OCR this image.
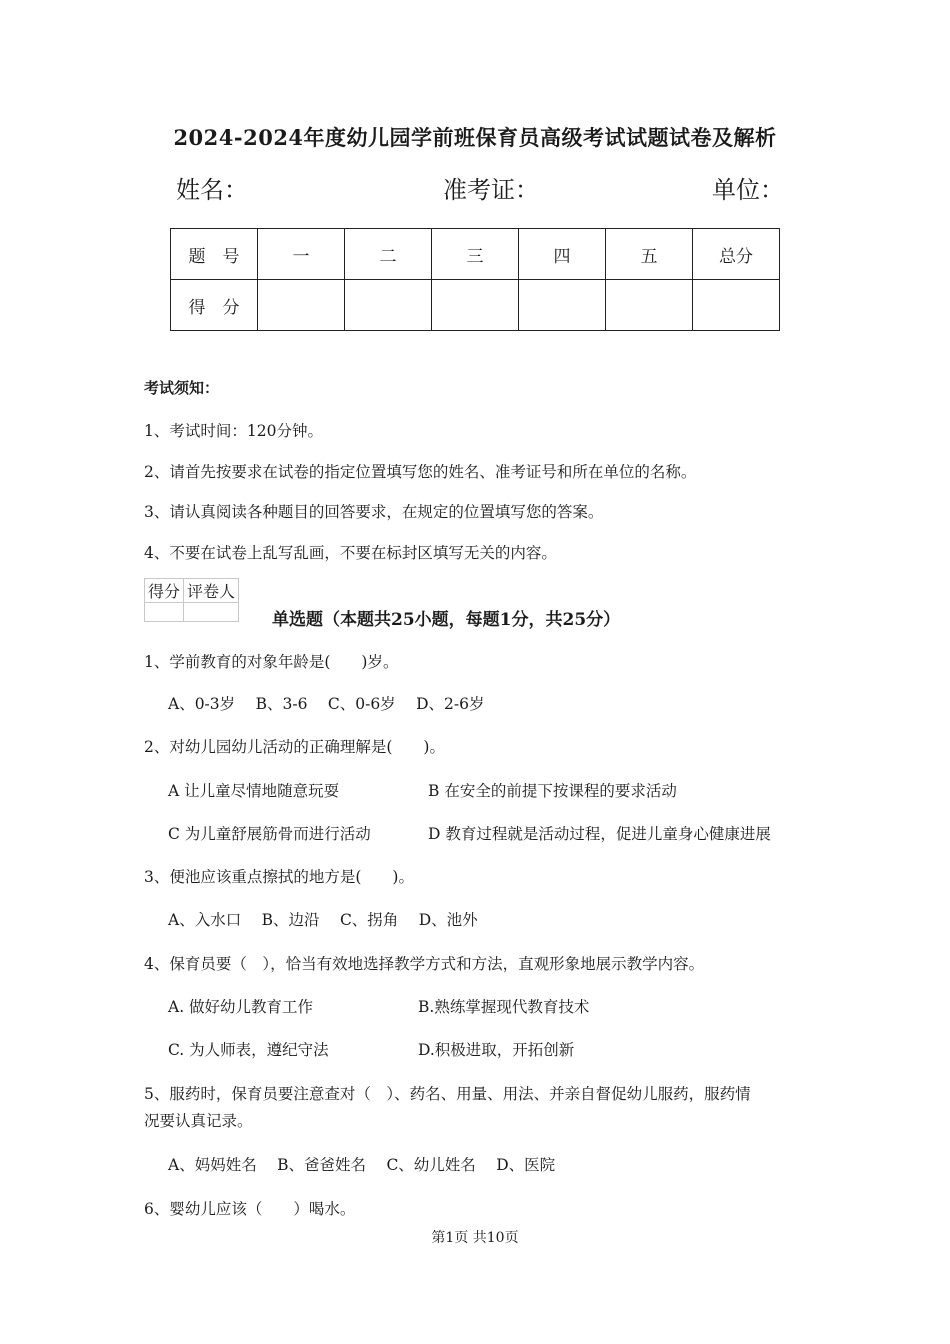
2024-2024年度幼儿园学前班保育员高级考试试题试卷及解析
姓名：	准考证：	单位：
题　号	一	二	三	四	五	总分
得　分						
考试须知：
1、考试时间：120分钟。
2、请首先按要求在试卷的指定位置填写您的姓名、准考证号和所在单位的名称。
3、请认真阅读各种题目的回答要求，在规定的位置填写您的答案。
4、不要在试卷上乱写乱画，不要在标封区填写无关的内容。
得分	评卷人

单选题（本题共25小题，每题1分，共25分）
1、学前教育的对象年龄是(　　)岁。
A、0-3岁　 B、3-6　 C、0-6岁　 D、2-6岁
2、对幼儿园幼儿活动的正确理解是(　　)。
A 让儿童尽情地随意玩耍	B 在安全的前提下按课程的要求活动
C 为儿童舒展筋骨而进行活动	D 教育过程就是活动过程，促进儿童身心健康进展
3、便池应该重点擦拭的地方是(　　)。
A、入水口　 B、边沿　 C、拐角　 D、池外
4、保育员要（　），恰当有效地选择教学方式和方法，直观形象地展示教学内容。
A. 做好幼儿教育工作	B.熟练掌握现代教育技术
C. 为人师表，遵纪守法	D.积极进取，开拓创新
5、服药时，保育员要注意查对（　）、药名、用量、用法、并亲自督促幼儿服药，服药情
况要认真记录。
A、妈妈姓名　 B、爸爸姓名　 C、幼儿姓名　 D、医院
6、婴幼儿应该（　　）喝水。
第1页 共10页
